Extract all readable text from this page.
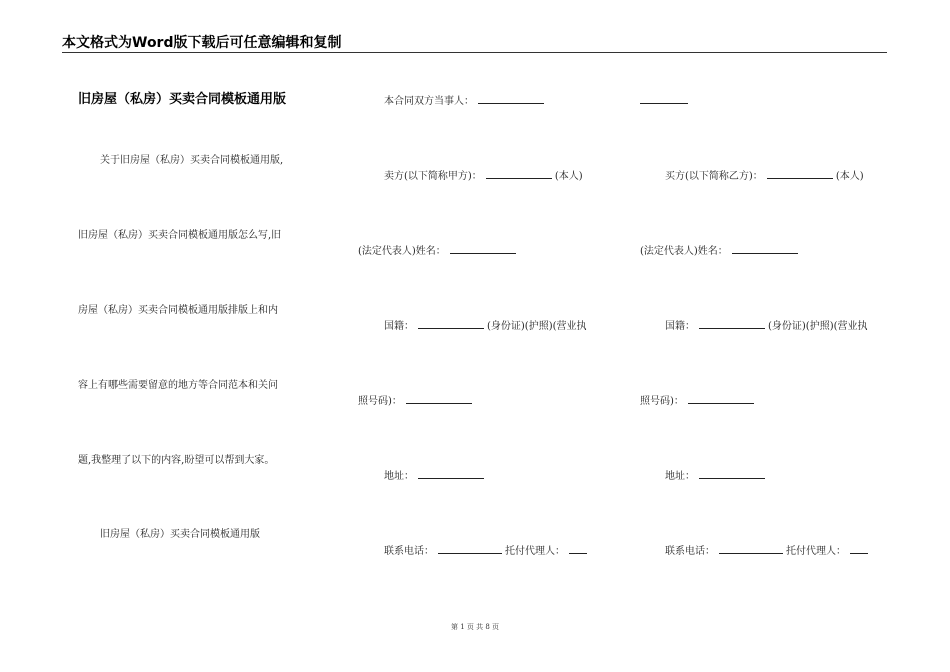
本文格式为Word版下载后可任意编辑和复制
旧房屋（私房）买卖合同模板通用版
关于旧房屋（私房）买卖合同模板通用版,
旧房屋（私房）买卖合同模板通用版怎么写,旧
房屋（私房）买卖合同模板通用版排版上和内
容上有哪些需要留意的地方等合同范本和关问
题,我整理了以下的内容,盼望可以帮到大家。
旧房屋（私房）买卖合同模板通用版
本合同双方当事人：
卖方(以下简称甲方)：	(本人)
(法定代表人)姓名：
国籍：	(身份证)(护照)(营业执
照号码)：
地址：
联系电话：	托付代理人：
买方(以下简称乙方)：	(本人)
(法定代表人)姓名：
国籍：	(身份证)(护照)(营业执
照号码)：
地址：
联系电话：	托付代理人：
第 1 页 共 8 页
